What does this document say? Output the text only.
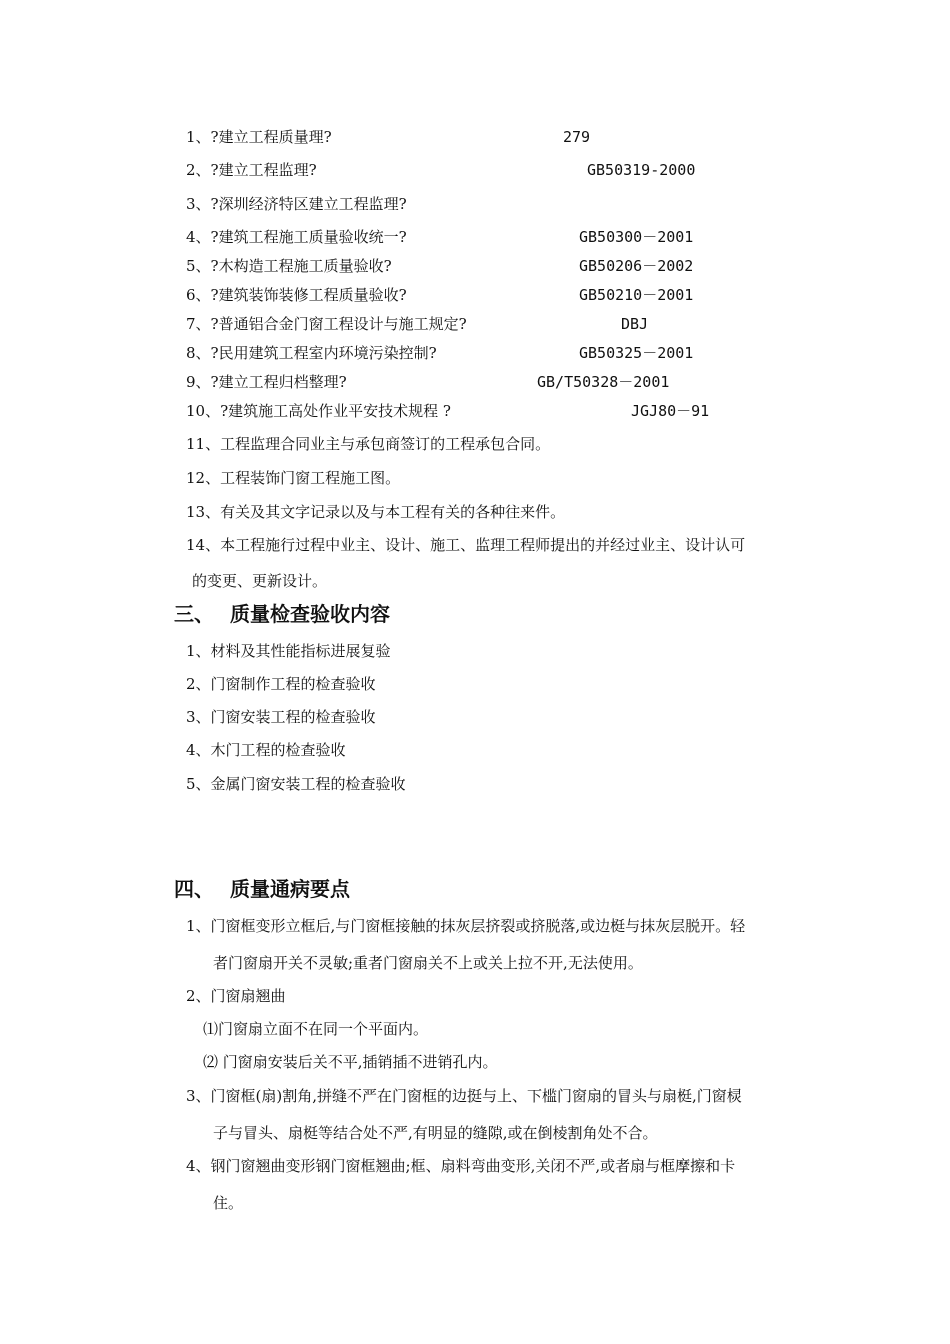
1、?建立工程质量理?	279
2、?建立工程监理?	GB50319-2000
3、?深圳经济特区建立工程监理?
4、?建筑工程施工质量验收统一?	GB50300－2001
5、?木构造工程施工质量验收?	GB50206－2002
6、?建筑装饰装修工程质量验收?	GB50210－2001
7、?普通铝合金门窗工程设计与施工规定?	DBJ
8、?民用建筑工程室内环境污染控制?	GB50325－2001
9、?建立工程归档整理?	GB/T50328－2001
10、?建筑施工高处作业平安技术规程 ?	JGJ80－91
11、工程监理合同业主与承包商签订的工程承包合同。
12、工程装饰门窗工程施工图。
13、有关及其文字记录以及与本工程有关的各种往来件。
14、本工程施行过程中业主、设计、施工、监理工程师提出的并经过业主、设计认可
的变更、更新设计。
三、 质量检查验收内容
1、材料及其性能指标进展复验
2、门窗制作工程的检查验收
3、门窗安装工程的检查验收
4、木门工程的检查验收
5、金属门窗安装工程的检查验收
四、 质量通病要点
1、门窗框变形立框后,与门窗框接触的抹灰层挤裂或挤脱落,或边梃与抹灰层脱开。轻
者门窗扇开关不灵敏;重者门窗扇关不上或关上拉不开,无法使用。
2、门窗扇翘曲
⑴门窗扇立面不在同一个平面内。
⑵ 门窗扇安装后关不平,插销插不进销孔内。
3、门窗框(扇)割角,拼缝不严在门窗框的边挺与上、下槛门窗扇的冒头与扇梃,门窗棂
子与冒头、扇梃等结合处不严,有明显的缝隙,或在倒棱割角处不合。
4、钢门窗翘曲变形钢门窗框翘曲;框、扇料弯曲变形,关闭不严,或者扇与框摩擦和卡
住。
